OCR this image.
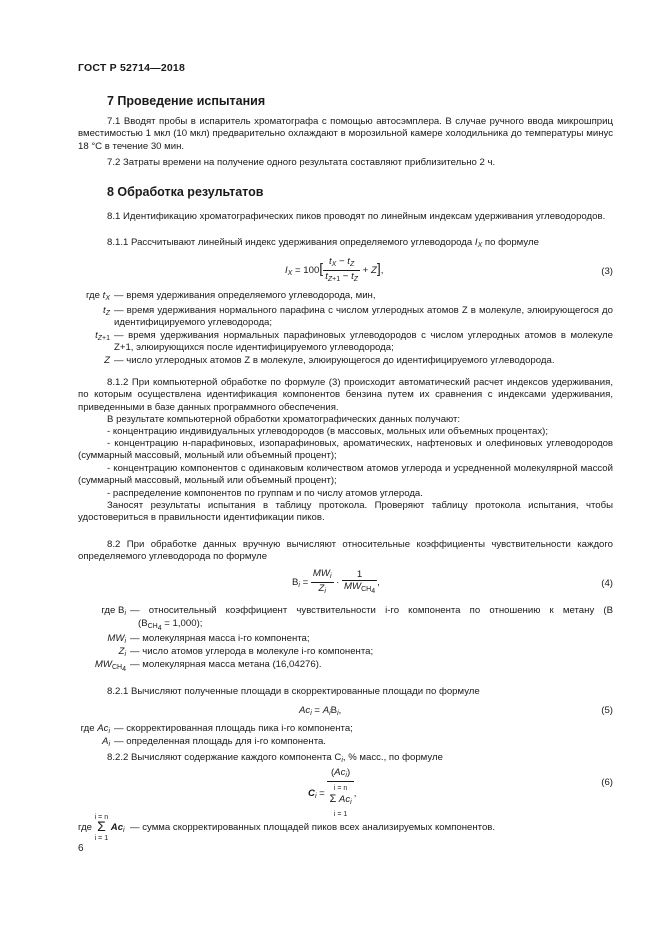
ГОСТ Р 52714—2018
7 Проведение испытания
7.1 Вводят пробы в испаритель хроматографа с помощью автосэмплера. В случае ручного ввода микрошприц вместимостью 1 мкл (10 мкл) предварительно охлаждают в морозильной камере холодильника до температуры минус 18 °С в течение 30 мин.
7.2 Затраты времени на получение одного результата составляют приблизительно 2 ч.
8 Обработка результатов
8.1 Идентификацию хроматографических пиков проводят по линейным индексам удерживания углеводородов.
8.1.1 Рассчитывают линейный индекс удерживания определяемого углеводорода $I_X$ по формуле
$I_X = 100[ \frac{t_X - t_Z}{t_{Z+1} - t_Z} + Z]$,	(3)
где $t_X$ — время удерживания определяемого углеводорода, мин,
$t_Z$ — время удерживания нормального парафина с числом углеродных атомов Z в молекуле, элюирующегося до идентифицируемого углеводорода;
$t_{Z+1}$ — время удерживания нормальных парафиновых углеводородов с числом углеродных атомов в молекуле Z+1, элюирующихся после идентифицируемого углеводорода;
Z — число углеродных атомов Z в молекуле, элюирующегося до идентифицируемого углеводорода.
8.1.2 При компьютерной обработке по формуле (3) происходит автоматический расчет индексов удерживания, по которым осуществлена идентификация компонентов бензина путем их сравнения с индексами удерживания, приведенными в базе данных программного обеспечения.
В результате компьютерной обработки хроматографических данных получают:
- концентрацию индивидуальных углеводородов (в массовых, мольных или объемных процентах);
- концентрацию н-парафиновых, изопарафиновых, ароматических, нафтеновых и олефиновых углеводородов (суммарный массовый, мольный или объемный процент);
- концентрацию компонентов с одинаковым количеством атомов углерода и усредненной молекулярной массой (суммарный массовый, мольный или объемный процент);
- распределение компонентов по группам и по числу атомов углерода.
Заносят результаты испытания в таблицу протокола. Проверяют таблицу протокола испытания, чтобы удостовериться в правильности идентификации пиков.
8.2 При обработке данных вручную вычисляют относительные коэффициенты чувствительности каждого определяемого углеводорода по формуле
$B_i = \frac{MW_i}{Z_i} \cdot \frac{1}{MW_{CH_4}}$ ,	(4)
где $B_i$ — относительный коэффициент чувствительности i-го компонента по отношению к метану (B
$(B_{CH_4} = 1,000)$;
$MW_i$ — молекулярная масса i-го компонента;
$Z_i$ — число атомов углерода в молекуле i-го компонента;
$MW_{CH_4}$ — молекулярная масса метана (16,04276).
8.2.1 Вычисляют полученные площади в скорректированные площади по формуле
$Ac_i = A_iB_i$,	(5)
где $Ac_i$ — скорректированная площадь пика i-го компонента;
$A_i$ — определенная площадь для i-го компонента.
8.2.2 Вычисляют содержание каждого компонента $C_i$, % масс., по формуле
$C_i$ =
$(Ac_i)$
i = n
Σ $Ac_i$
i = 1
,
(6)
где i = n
Σ
i = 1 $Ac_i$ — сумма скорректированных площадей пиков всех анализируемых компонентов.
6
